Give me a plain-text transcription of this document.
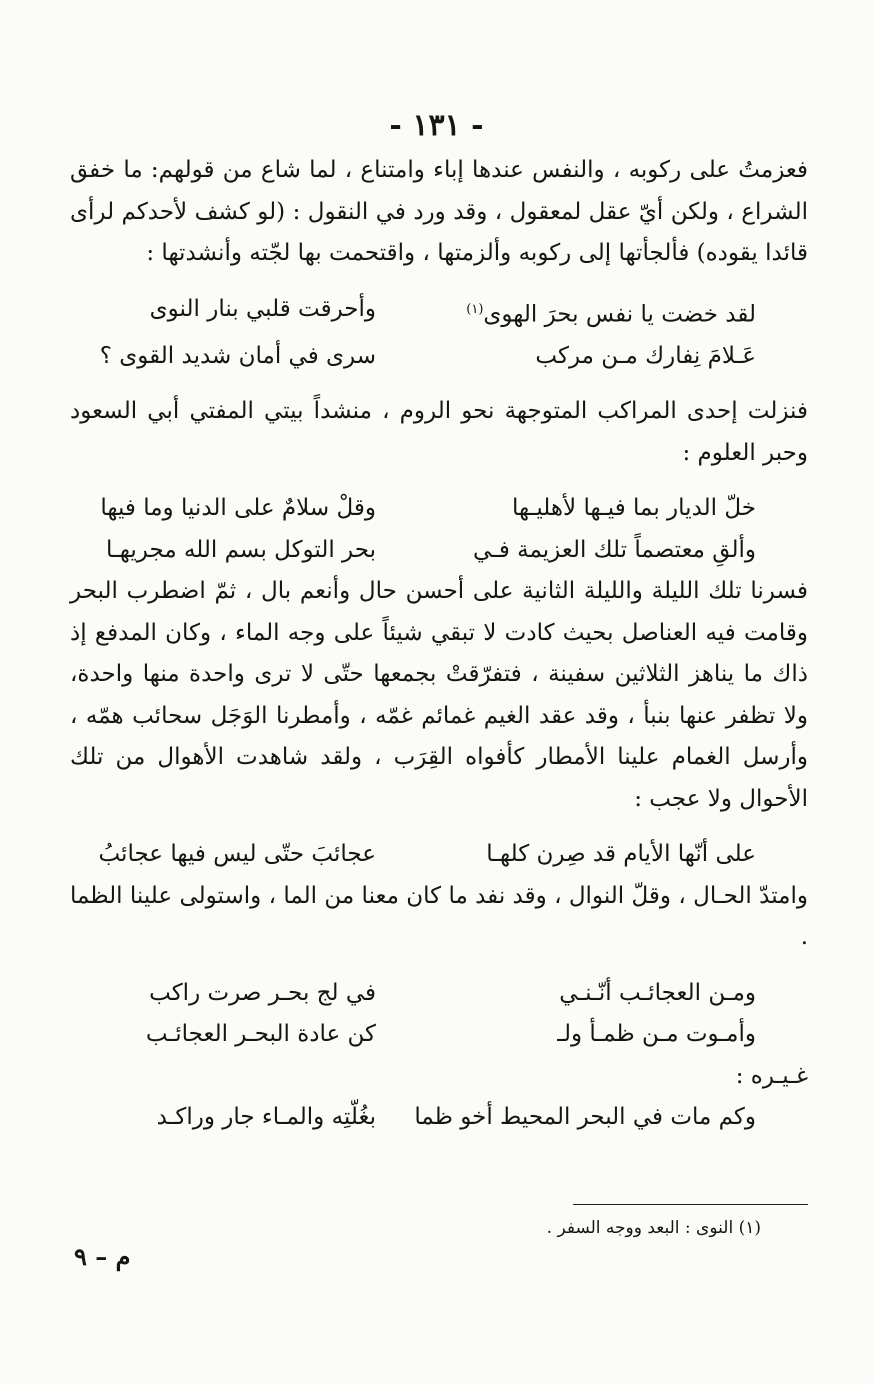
- ١٣١ -

فعزمتُ على ركوبه ، والنفس عندها إباء وامتناع ، لما شاع من قولهم: ما خفق الشراع ، ولكن أيّ عقل لمعقول ، وقد ورد في النقول : (لو كشف لأحدكم لرأى قائدا يقوده) فألجأتها إلى ركوبه وألزمتها ، واقتحمت بها لجّته وأنشدتها :

لقد خضت يا نفس بحرَ الهوى$^{(١)}$
وأحرقت قلبي بنار النوى
عَـلامَ نِفارك مـن مركب
سرى في أمان شديد القوى ؟

فنزلت إحدى المراكب المتوجهة نحو الروم ، منشداً بيتي المفتي أبي السعود وحبر العلوم :

خلّ الديار بما فيـها لأهليـها
وقلْ سلامٌ على الدنيا وما فيها
وألقِ معتصماً تلك العزيمة فـي
بحر التوكل بسم الله مجريهـا

فسرنا تلك الليلة والليلة الثانية على أحسن حال وأنعم بال ، ثمّ اضطرب البحر وقامت فيه العناصل بحيث كادت لا تبقي شيئاً على وجه الماء ، وكان المدفع إذ ذاك ما يناهز الثلاثين سفينة ، فتفرّقتْ بجمعها حتّى لا ترى واحدة منها واحدة، ولا تظفر عنها بنبأ ، وقد عقد الغيم غمائم غمّه ، وأمطرنا الوَجَل سحائب همّه ، وأرسل الغمام علينا الأمطار كأفواه القِرَب ، ولقد شاهدت الأهوال من تلك الأحوال ولا عجب :

على أنّها الأيام قد صِرن كلهـا
عجائبَ حتّى ليس فيها عجائبُ

وامتدّ الحـال ، وقلّ النوال ، وقد نفد ما كان معنا من الما ، واستولى علينا الظما .

ومـن العجائـب أنّـنـي
في لج بحـر صرت راكب
وأمـوت مـن ظمـأ ولـ
كن عادة البحـر العجائـب

غـيـره :

وكم مات في البحر المحيط أخو ظما
بغُلّتِه والمـاء جار وراكـد
(١) النوى : البعد ووجه السفر .
م – ٩
